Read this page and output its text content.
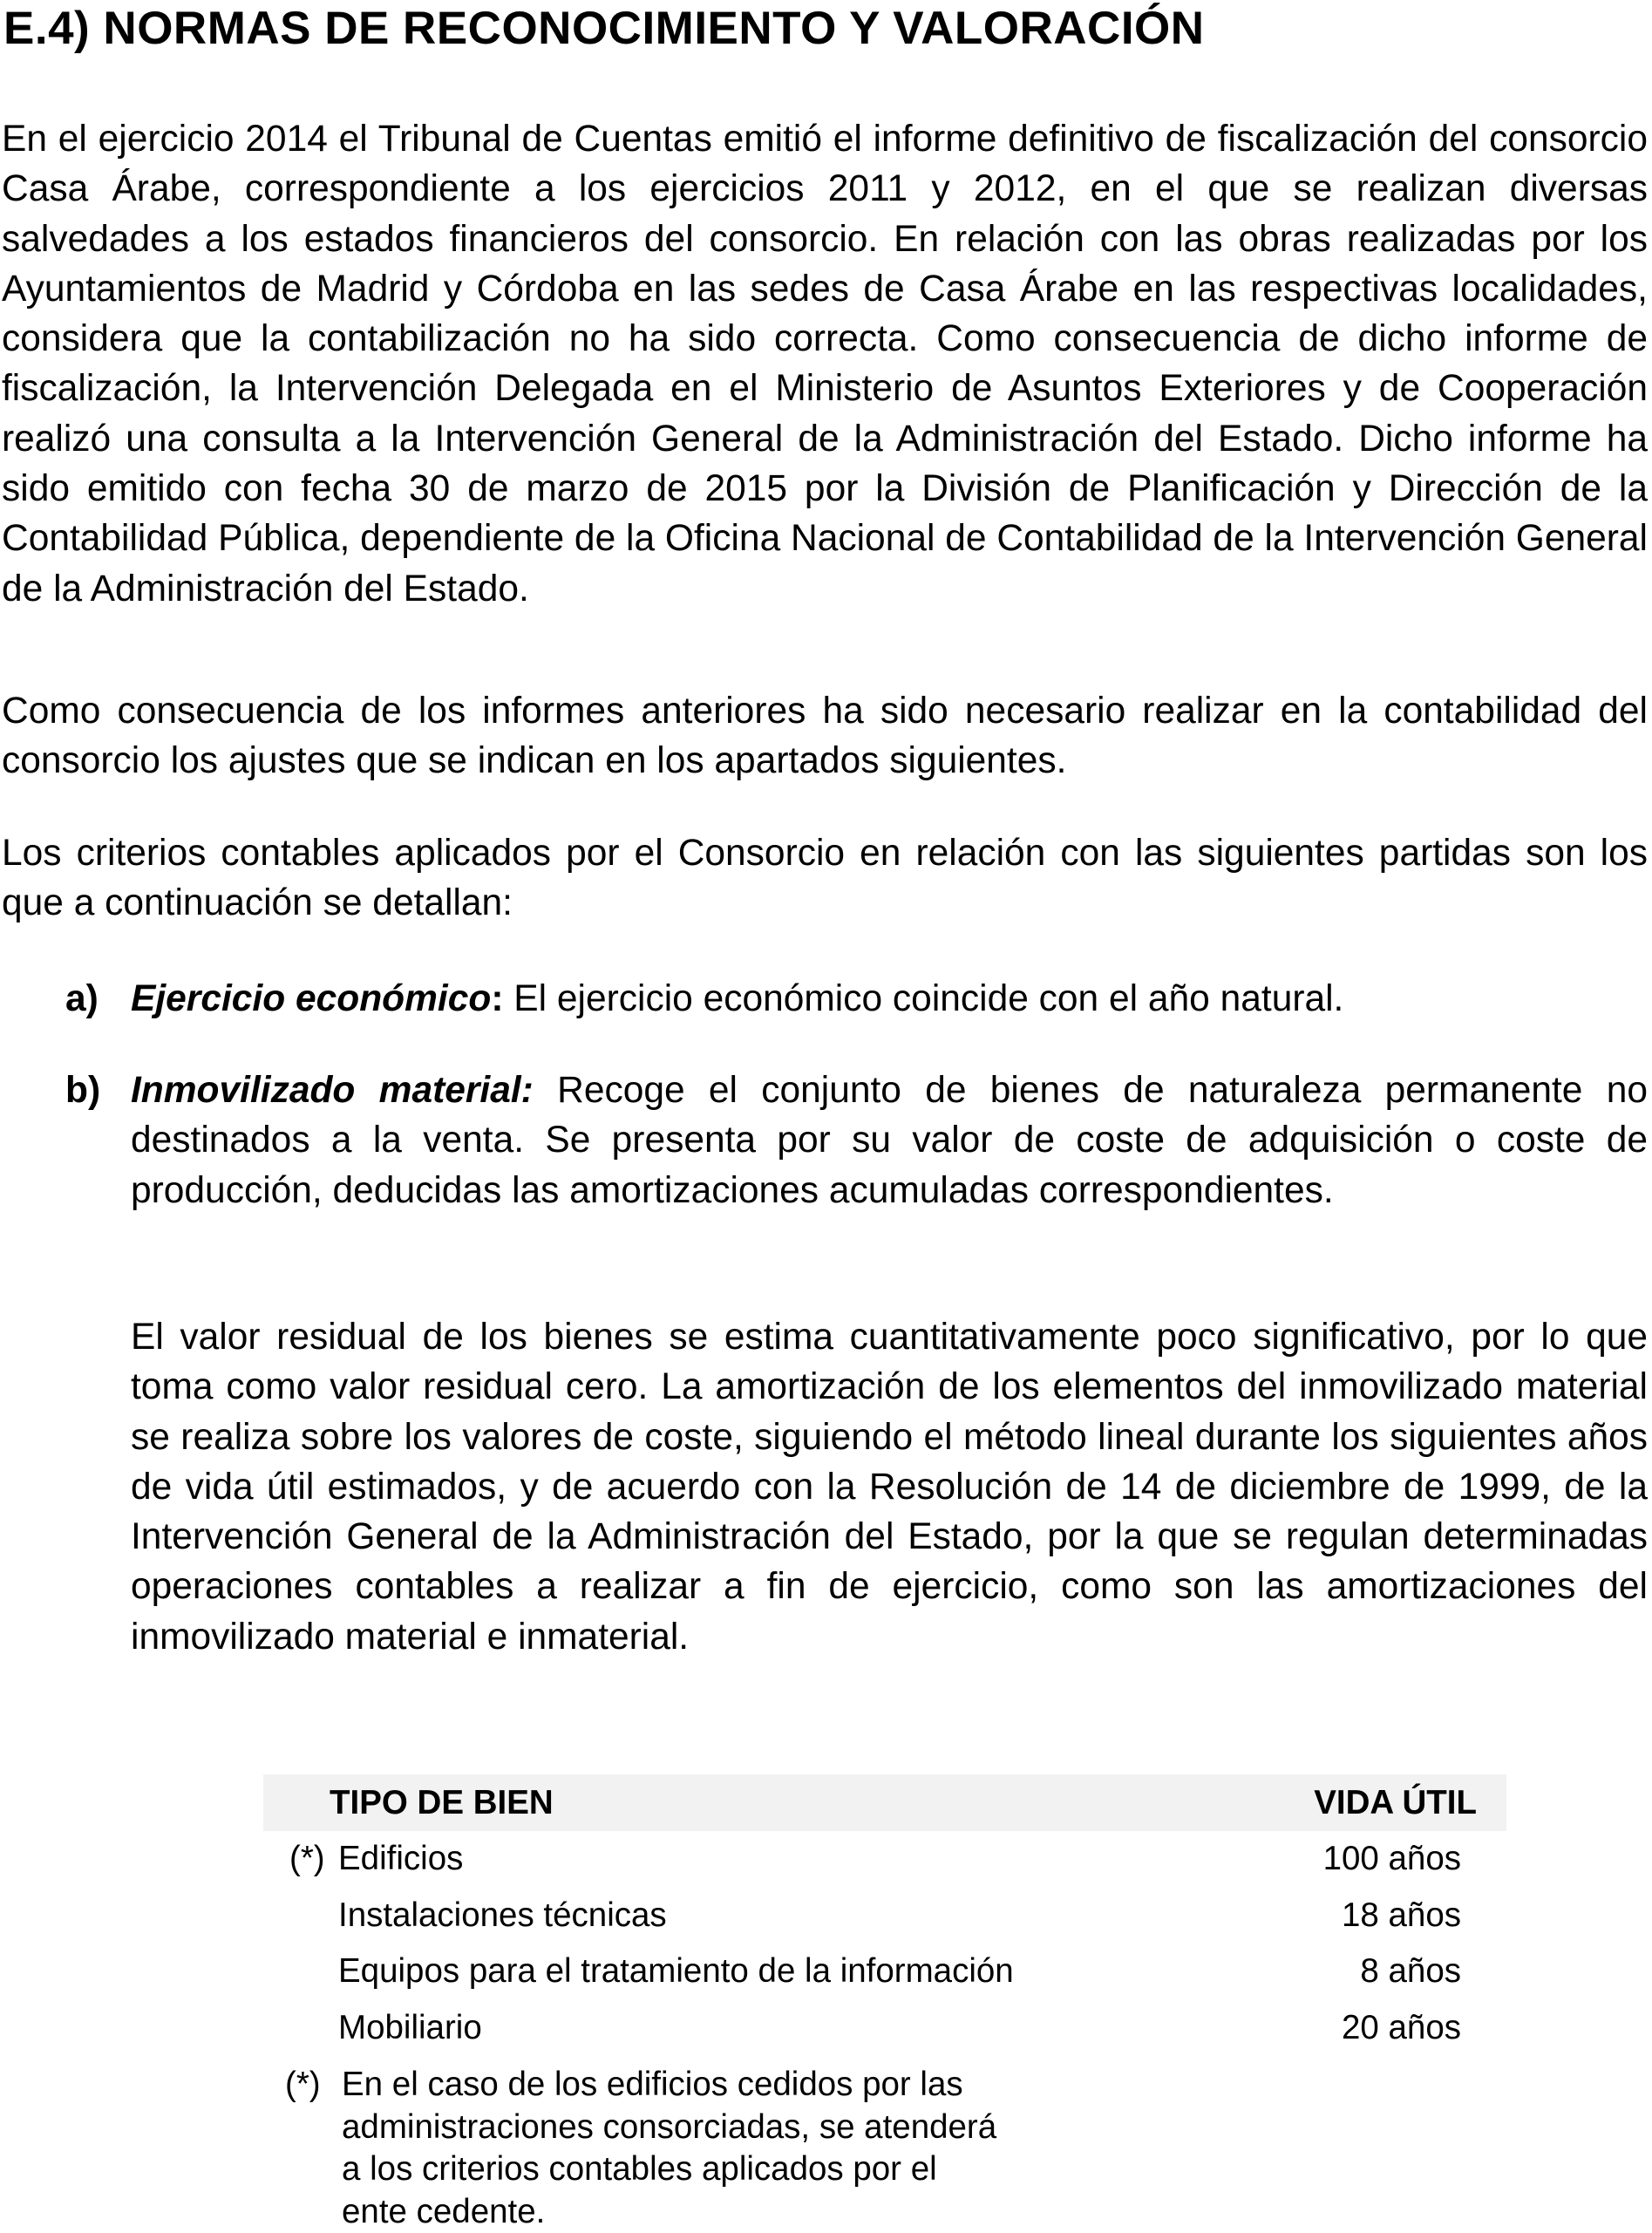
E.4) NORMAS DE RECONOCIMIENTO Y VALORACIÓN

En el ejercicio 2014 el Tribunal de Cuentas emitió el informe definitivo de fiscalización del consorcio Casa Árabe, correspondiente a los ejercicios 2011 y 2012, en el que se realizan diversas salvedades a los estados financieros del consorcio. En relación con las obras realizadas por los Ayuntamientos de Madrid y Córdoba en las sedes de Casa Árabe en las respectivas localidades, considera que la contabilización no ha sido correcta. Como consecuencia de dicho informe de fiscalización, la Intervención Delegada en el Ministerio de Asuntos Exteriores y de Cooperación realizó una consulta a la Intervención General de la Administración del Estado. Dicho informe ha sido emitido con fecha 30 de marzo de 2015 por la División de Planificación y Dirección de la Contabilidad Pública, dependiente de la Oficina Nacional de Contabilidad de la Intervención General de la Administración del Estado.

Como consecuencia de los informes anteriores ha sido necesario realizar en la contabilidad del consorcio los ajustes que se indican en los apartados siguientes.

Los criterios contables aplicados por el Consorcio en relación con las siguientes partidas son los que a continuación se detallan:

a) Ejercicio económico: El ejercicio económico coincide con el año natural.

b) Inmovilizado material: Recoge el conjunto de bienes de naturaleza permanente no destinados a la venta. Se presenta por su valor de coste de adquisición o coste de producción, deducidas las amortizaciones acumuladas correspondientes.

El valor residual de los bienes se estima cuantitativamente poco significativo, por lo que toma como valor residual cero. La amortización de los elementos del inmovilizado material se realiza sobre los valores de coste, siguiendo el método lineal durante los siguientes años de vida útil estimados, y de acuerdo con la Resolución de 14 de diciembre de 1999, de la Intervención General de la Administración del Estado, por la que se regulan determinadas operaciones contables a realizar a fin de ejercicio, como son las amortizaciones del inmovilizado material e inmaterial.

TIPO DE BIEN	VIDA ÚTIL
(*) Edificios	100 años
Instalaciones técnicas	18 años
Equipos para el tratamiento de la información	8 años
Mobiliario	20 años
(*) En el caso de los edificios cedidos por las administraciones consorciadas, se atenderá a los criterios contables aplicados por el ente cedente.
